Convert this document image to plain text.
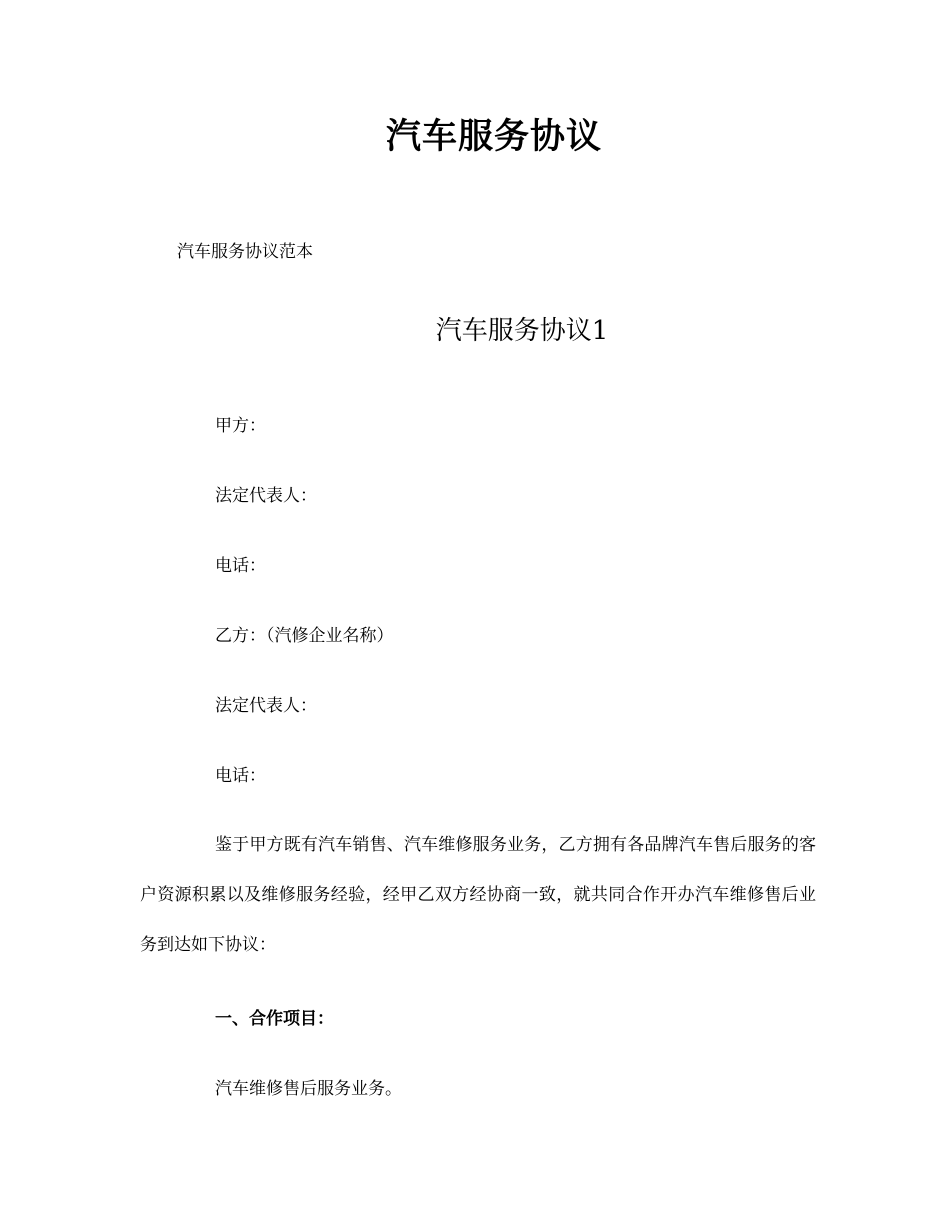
汽车服务协议
汽车服务协议范本
汽车服务协议1
甲方：
法定代表人：
电话：
乙方：（汽修企业名称）
法定代表人：
电话：
鉴于甲方既有汽车销售、汽车维修服务业务，乙方拥有各品牌汽车售后服务的客户资源积累以及维修服务经验，经甲乙双方经协商一致，就共同合作开办汽车维修售后业务到达如下协议：
一、合作项目：
汽车维修售后服务业务。
